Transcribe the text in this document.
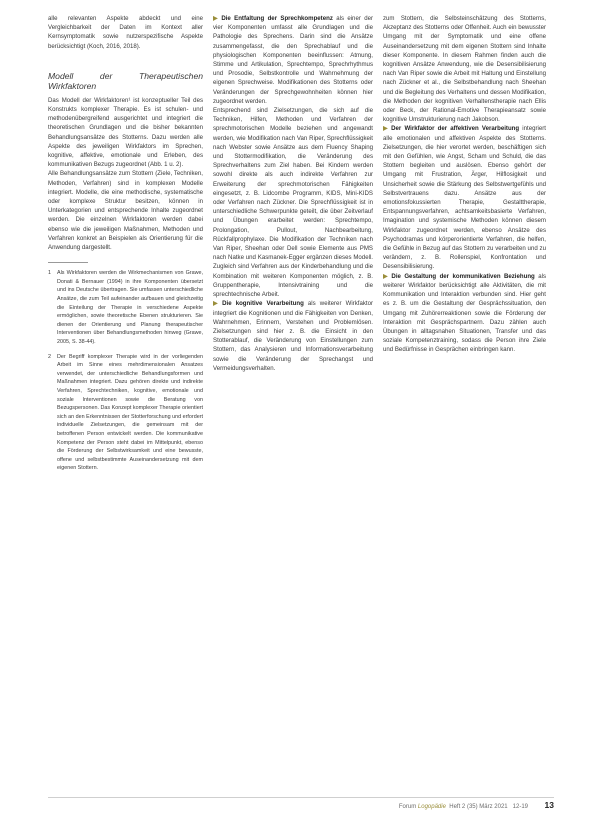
alle relevanten Aspekte abdeckt und eine Vergleichbarkeit der Daten im Kontext aller Kernsymptomatik sowie nutzerspezifische Aspekte berücksichtigt (Koch, 2016, 2018).

Modell der Therapeutischen Wirkfaktoren

Das Modell der Wirkfaktoren¹ ist konzeptueller Teil des Konstrukts komplexer Therapie. Es ist schulen- und methodenübergreifend ausgerichtet und integriert die theoretischen Grundlagen und die bisher bekannten Behandlungsansätze des Stotterns. Dazu werden alle Aspekte des jeweiligen Wirkfaktors im Sprechen, kognitive, affektive, emotionale und Erleben, des kommunikativen Bezugs zugeordnet (Abb. 1 u. 2).

Alle Behandlungsansätze zum Stottern (Ziele, Techniken, Methoden, Verfahren) sind in komplexen Modelle integriert. Modelle, die eine methodische, systematische oder komplexe Struktur besitzen, können in Unterkategorien und entsprechende Inhalte zugeordnet werden. Die einzelnen Wirkfaktoren werden dabei ebenso wie die jeweiligen Maßnahmen, Methoden und Verfahren konkret an Beispielen als Orientierung für die Anwendung dargestellt.

1	Als Wirkfaktoren werden die Wirkmechanismen von Grawe, Donati & Bernauer (1994) in ihre Komponenten übersetzt und ins Deutsche übertragen. Sie umfassen unterschiedliche Ansätze, die zum Teil aufeinander aufbauen und gleichzeitig die Einteilung der Therapie in verschiedene Aspekte ermöglichen, sowie theoretische Ebenen strukturieren. Sie dienen der Orientierung und Planung therapeutischer Interventionen über Behandlungsmethoden hinweg (Grawe, 2005, S. 38-44).
2	Der Begriff komplexer Therapie wird in der vorliegenden Arbeit im Sinne eines mehrdimensionalen Ansatzes verwendet, der unterschiedliche Behandlungsformen und Maßnahmen integriert. Dazu gehören direkte und indirekte Verfahren, Sprechtechniken, kognitive, emotionale und soziale Interventionen sowie die Beratung von Bezugspersonen. Das Konzept komplexer Therapie orientiert sich an den Erkenntnissen der Stotterforschung und erfordert individuelle Zielsetzungen, die gemeinsam mit der betroffenen Person entwickelt werden. Die kommunikative Kompetenz der Person steht dabei im Mittelpunkt, ebenso die Förderung der Selbstwirksamkeit und eine bewusste, offene und selbstbestimmte Auseinandersetzung mit dem eigenen Stottern.

▶ Die Entfaltung der Sprechkompetenz als einer der vier Komponenten umfasst alle Grundlagen und die Pathologie des Sprechens. Darin sind die Ansätze zusammengefasst, die den Sprechablauf und die physiologischen Komponenten beeinflussen: Atmung, Stimme und Artikulation, Sprechtempo, Sprechrhythmus und Prosodie, Selbstkontrolle und Wahrnehmung der eigenen Sprechweise. Modifikationen des Stotterns oder Veränderungen der Sprechgewohnheiten können hier zugeordnet werden.

Entsprechend sind Zielsetzungen, die sich auf die Techniken, Hilfen, Methoden und Verfahren der sprechmotorischen Modelle beziehen und angewandt werden, wie Modifikation nach Van Riper, Sprechflüssigkeit nach Webster sowie Ansätze aus dem Fluency Shaping und Stottermodifikation, die Veränderung des Sprechverhaltens zum Ziel haben. Bei Kindern werden sowohl direkte als auch indirekte Verfahren zur Erweiterung der sprechmotorischen Fähigkeiten eingesetzt, z. B. Lidcombe Programm, KIDS, Mini-KIDS oder Verfahren nach Zückner. Die Sprechflüssigkeit ist in unterschiedliche Schwerpunkte geteilt, die über Zeitverlauf und Übungen erarbeitet werden: Sprechtempo, Prolongation, Pullout, Nachbearbeitung, Rückfallprophylaxe. Die Modifikation der Techniken nach Van Riper, Sheehan oder Dell sowie Elemente aus PMS nach Natke und Kasmanek-Egger ergänzen dieses Modell. Zugleich sind Verfahren aus der Kinderbehandlung und die Kombination mit weiteren Komponenten möglich, z. B. Gruppentherapie, Intensivtraining und die sprechtechnische Arbeit.

▶ Die kognitive Verarbeitung als weiterer Wirkfaktor integriert die Kognitionen und die Fähigkeiten von Denken, Wahrnehmen, Erinnern, Verstehen und Problemlösen. Zielsetzungen sind hier z. B. die Einsicht in den Stotterablauf, die Veränderung von Einstellungen zum Stottern, das Analysieren und Informationsverarbeitung sowie die Veränderung der Sprechangst und Vermeidungsverhalten.

zum Stottern, die Selbsteinschätzung des Stotterns, Akzeptanz des Stotterns oder Offenheit. Auch ein bewusster Umgang mit der Symptomatik und eine offene Auseinandersetzung mit dem eigenen Stottern sind Inhalte dieser Komponente. In diesem Rahmen finden auch die kognitiven Ansätze Anwendung, wie die Desensibilisierung nach Van Riper sowie die Arbeit mit Haltung und Einstellung nach Zückner et al., die Selbstbehandlung nach Sheehan und die Begleitung des Verhaltens und dessen Modifikation, die Methoden der kognitiven Verhaltenstherapie nach Ellis oder Beck, der Rational-Emotive Therapieansatz sowie kognitive Umstrukturierung nach Jakobson.

▶ Der Wirkfaktor der affektiven Verarbeitung integriert alle emotionalen und affektiven Aspekte des Stotterns. Zielsetzungen, die hier verortet werden, beschäftigen sich mit den Gefühlen, wie Angst, Scham und Schuld, die das Stottern begleiten und auslösen. Ebenso gehört der Umgang mit Frustration, Ärger, Hilflosigkeit und Unsicherheit sowie die Stärkung des Selbstwertgefühls und Selbstvertrauens dazu. Ansätze aus der emotionsfokussierten Therapie, Gestalttherapie, Entspannungsverfahren, achtsamkeitsbasierte Verfahren, Imagination und systemische Methoden können diesem Wirkfaktor zugeordnet werden, ebenso Ansätze des Psychodramas und körperorientierte Verfahren, die helfen, die Gefühle in Bezug auf das Stottern zu verarbeiten und zu verändern, z. B. Rollenspiel, Konfrontation und Desensibilisierung.

▶ Die Gestaltung der kommunikativen Beziehung als weiterer Wirkfaktor berücksichtigt alle Aktivitäten, die mit Kommunikation und Interaktion verbunden sind. Hier geht es z. B. um die Gestaltung der Gesprächssituation, den Umgang mit Zuhörerreaktionen sowie die Förderung der Interaktion mit Gesprächspartnern. Dazu zählen auch Übungen in alltagsnahen Situationen, Transfer und das soziale Kompetenztraining, sodass die Person ihre Ziele und Bedürfnisse in Gesprächen einbringen kann.

Forum Logopädie Heft 2 (35) März 2021 12-19 13
